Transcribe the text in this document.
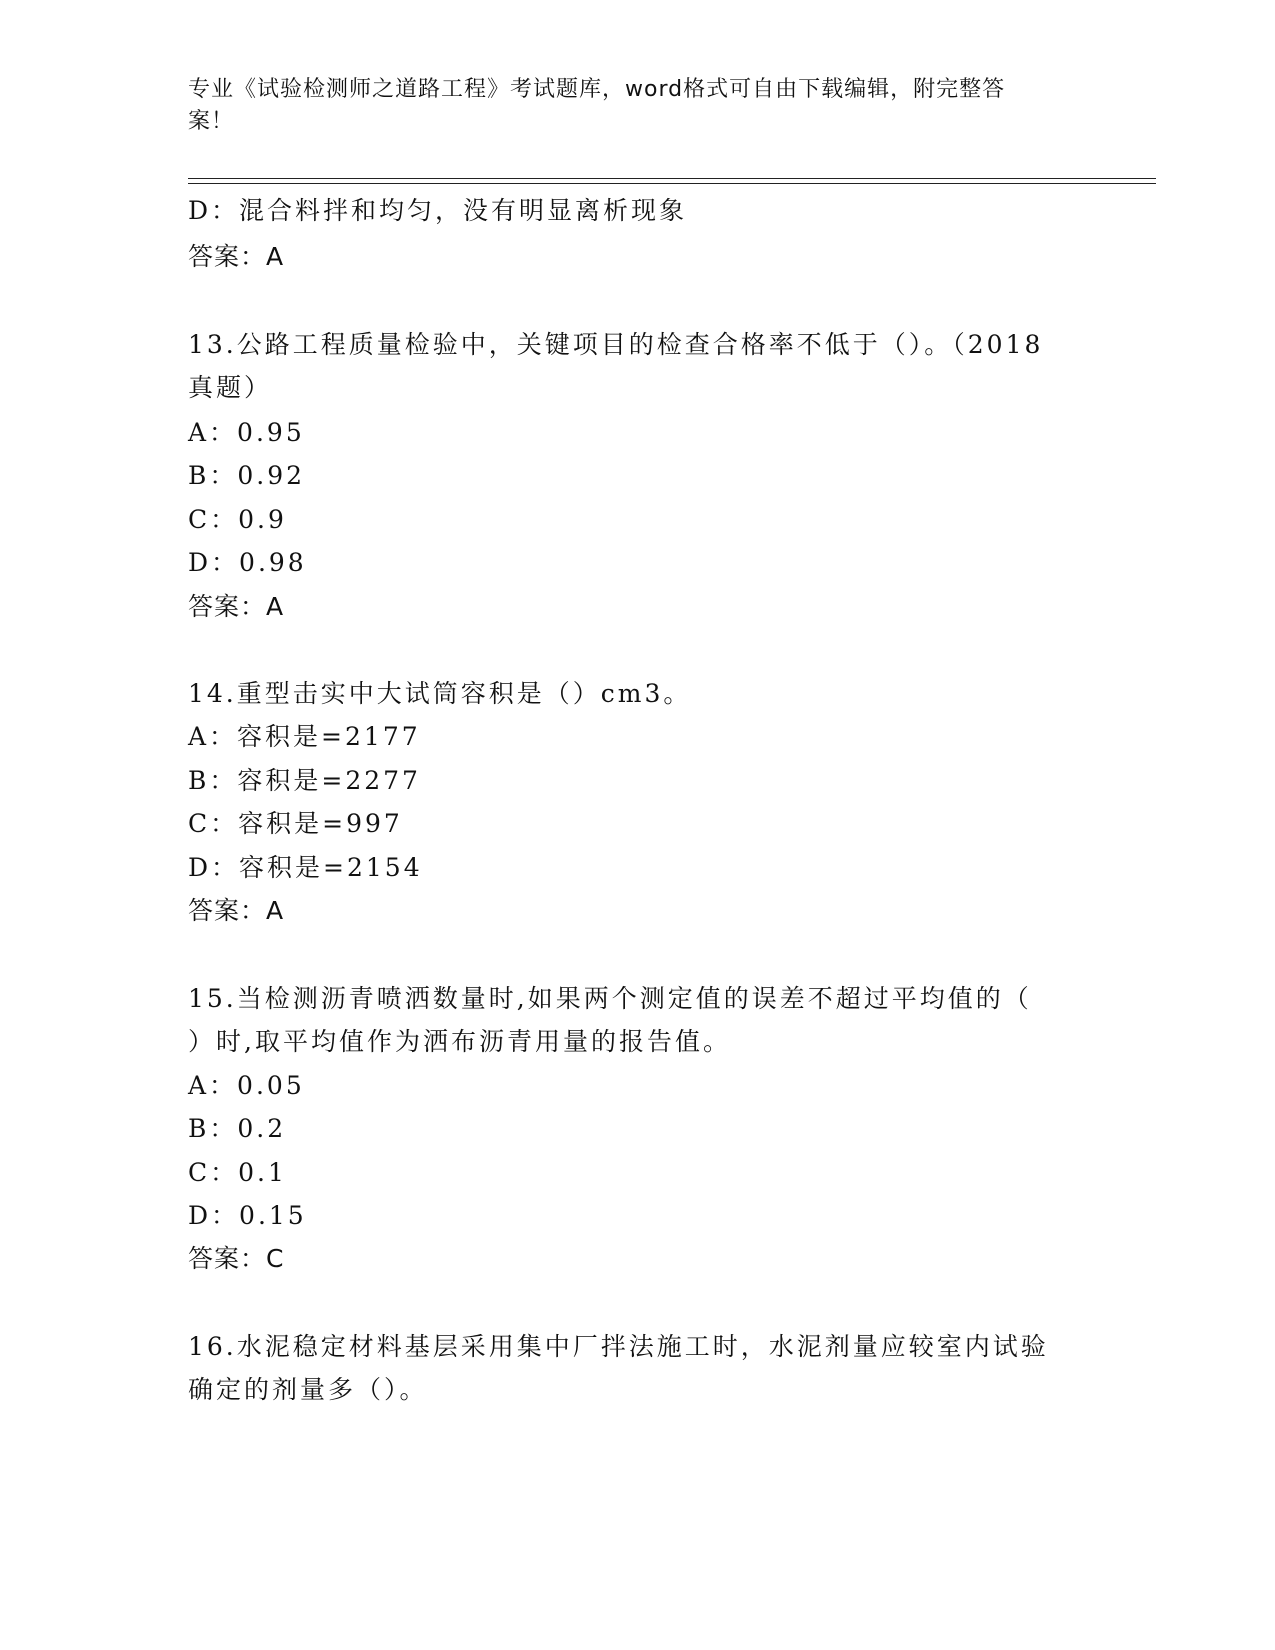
专业《试验检测师之道路工程》考试题库，word格式可自由下载编辑，附完整答
案！
D：混合料拌和均匀，没有明显离析现象
答案：A
13.公路工程质量检验中，关键项目的检查合格率不低于（）。（2018
真题）
A：0.95
B：0.92
C：0.9
D：0.98
答案：A
14.重型击实中大试筒容积是（）cm3。
A：容积是=2177
B：容积是=2277
C：容积是=997
D：容积是=2154
答案：A
15.当检测沥青喷洒数量时,如果两个测定值的误差不超过平均值的（
）时,取平均值作为洒布沥青用量的报告值。
A：0.05
B：0.2
C：0.1
D：0.15
答案：C
16.水泥稳定材料基层采用集中厂拌法施工时，水泥剂量应较室内试验
确定的剂量多（）。
